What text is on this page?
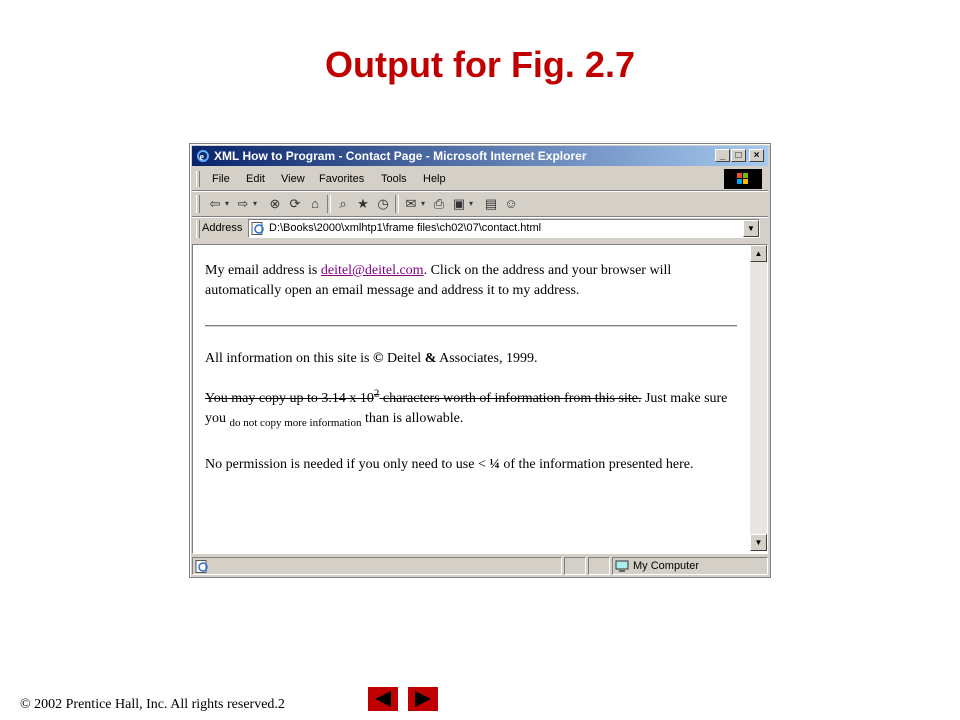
Output for Fig. 2.7
e XML How to Program - Contact Page - Microsoft Internet Explorer	_	□	×
File Edit View Favorites Tools Help
⇦ ▾ ⇨ ▾ ⊗ ⟳ ⌂	⌕ ★ ◷ ✉ ▾ ⎙ ▣ ▾ ▤ ☺
Address D:\Books\2000\xmlhtp1\frame files\ch02\07\contact.html	▼

My email address is deitel@deitel.com. Click on the address and your browser will automatically open an email message and address it to my address.

All information on this site is © Deitel & Associates, 1999.

You may copy up to 3.14 x $10^2$ characters worth of information from this site. Just make sure you $_{do not copy more information}$ than is allowable.

No permission is needed if you only need to use < ¼ of the information presented here.

▲
▼
My Computer
© 2002 Prentice Hall, Inc. All rights reserved.2
